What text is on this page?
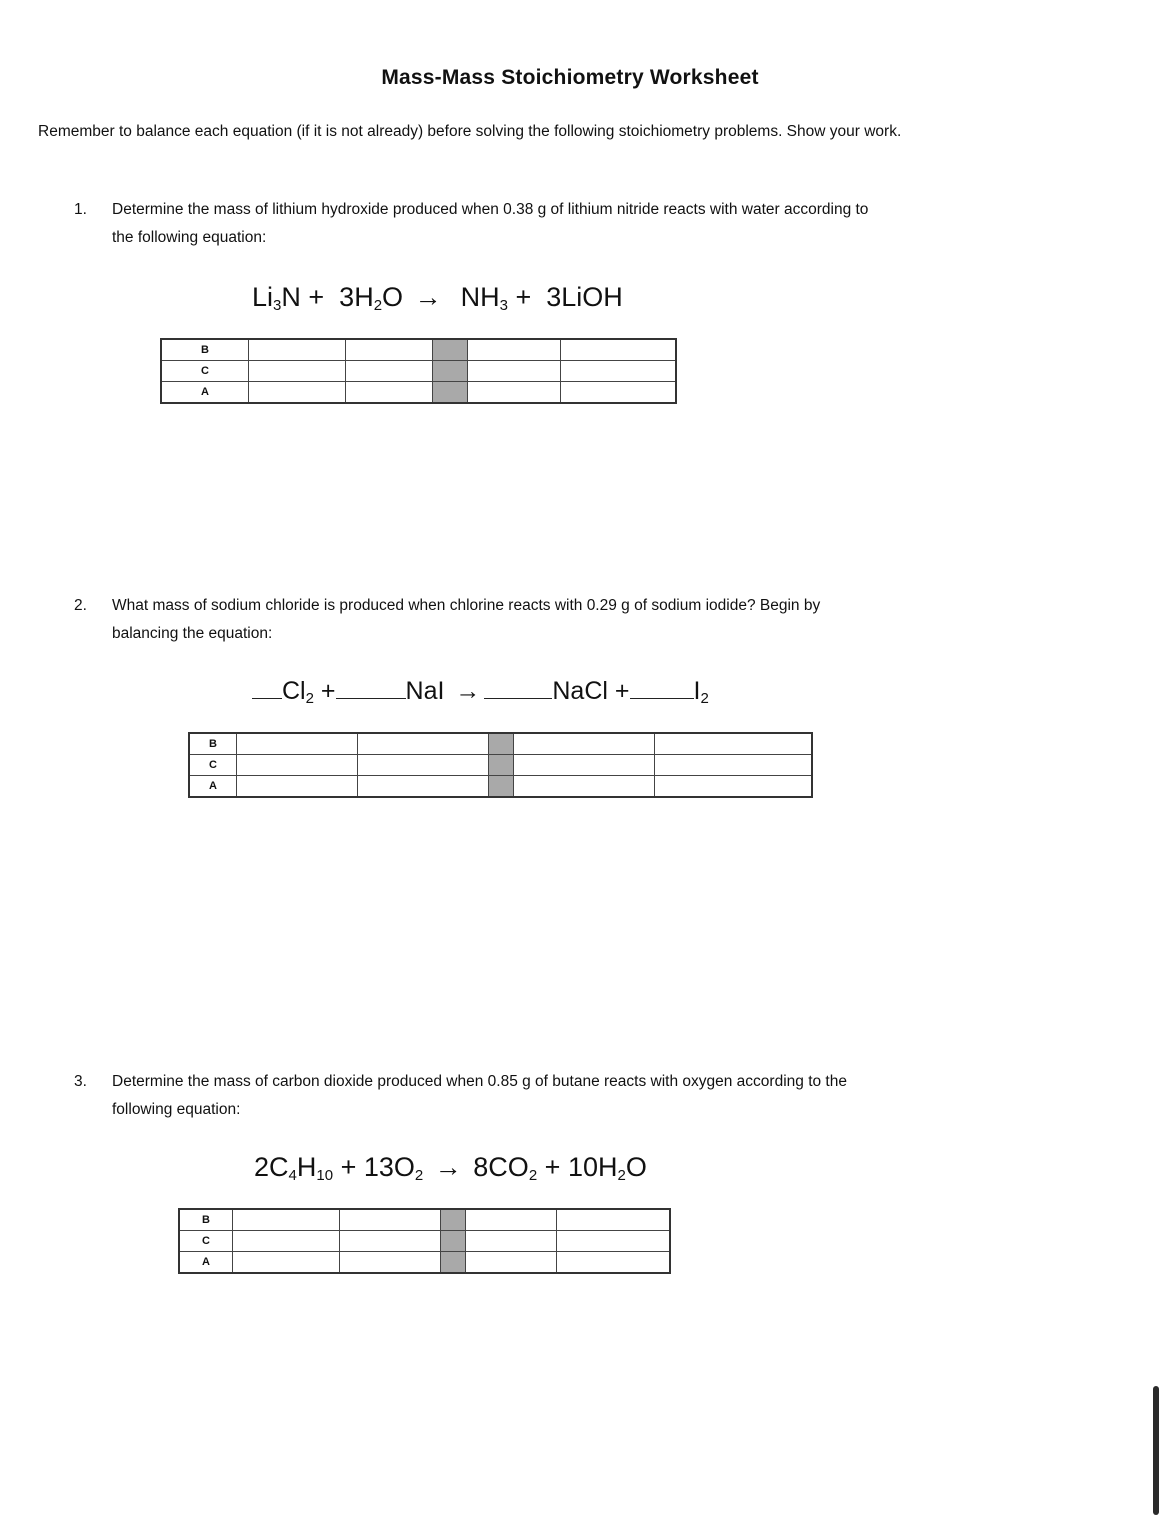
Mass-Mass Stoichiometry Worksheet
Remember to balance each equation (if it is not already) before solving the following stoichiometry problems. Show your work.
1. Determine the mass of lithium hydroxide produced when 0.38 g of lithium nitride reacts with water according to
the following equation:
$Li_3N + 3H_2O \to NH_3$ + 3LiOH
B					
C					
A					
2. What mass of sodium chloride is produced when chlorine reacts with 0.29 g of sodium iodide? Begin by
balancing the equation:
$Cl_2$ +	NaI →	NaCl +	$I_2$
B					
C					
A					
3. Determine the mass of carbon dioxide produced when 0.85 g of butane reacts with oxygen according to the
following equation:
$2C_4H_{10} + 13O_2 \to 8CO_2 + 10H_2O$
B					
C					
A					
